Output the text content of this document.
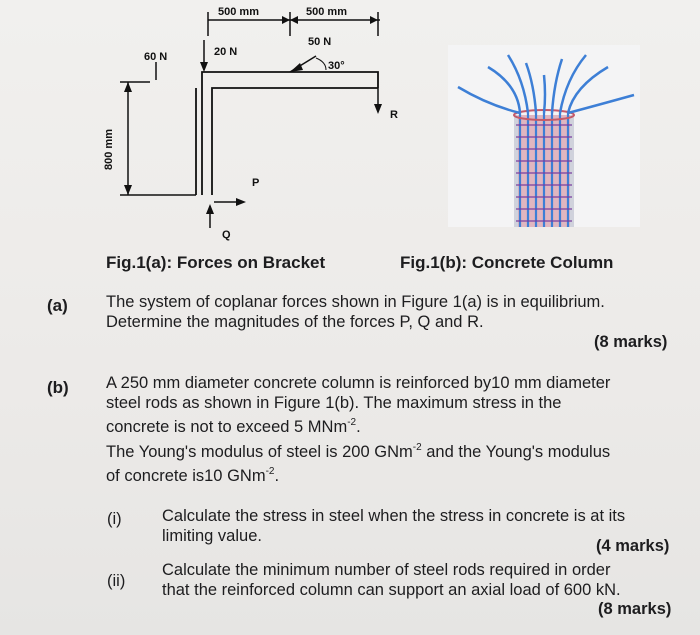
500 mm	500 mm
800 mm
60 N	20 N
50 N
30°
R
P
Q
Fig.1(a): Forces on Bracket	Fig.1(b): Concrete Column
(a) The system of coplanar forces shown in Figure 1(a) is in equilibrium.
Determine the magnitudes of the forces P, Q and R.
(8 marks)
(b) A 250 mm diameter concrete column is reinforced by10 mm diameter
steel rods as shown in Figure 1(b). The maximum stress in the
concrete is not to exceed 5 MNm$^{-2}$.
The Young's modulus of steel is 200 GNm$^{-2}$ and the Young's modulus
of concrete is10 GNm$^{-2}$.
(i) Calculate the stress in steel when the stress in concrete is at its
limiting value.
(4 marks)
(ii)
Calculate the minimum number of steel rods required in order
that the reinforced column can support an axial load of 600 kN.
(8 marks)
